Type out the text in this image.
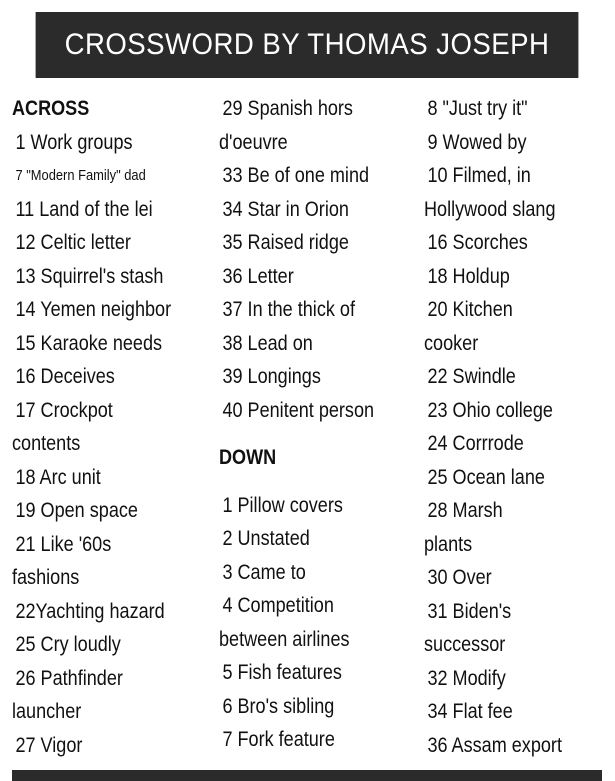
CROSSWORD BY THOMAS JOSEPH
ACROSS
1 Work groups
7 "Modern Family" dad
11 Land of the lei
12 Celtic letter
13 Squirrel's stash
14 Yemen neighbor
15 Karaoke needs
16 Deceives
17 Crockpot
contents
18 Arc unit
19 Open space
21 Like '60s
fashions
22Yachting hazard
25 Cry loudly
26 Pathfinder
launcher
27 Vigor
29 Spanish hors
d'oeuvre
33 Be of one mind
34 Star in Orion
35 Raised ridge
36 Letter
37 In the thick of
38 Lead on
39 Longings
40 Penitent person
DOWN
1 Pillow covers
2 Unstated
3 Came to
4 Competition
between airlines
5 Fish features
6 Bro's sibling
7 Fork feature
8 "Just try it"
9 Wowed by
10 Filmed, in
Hollywood slang
16 Scorches
18 Holdup
20 Kitchen
cooker
22 Swindle
23 Ohio college
24 Corrrode
25 Ocean lane
28 Marsh
plants
30 Over
31 Biden's
successor
32 Modify
34 Flat fee
36 Assam export
